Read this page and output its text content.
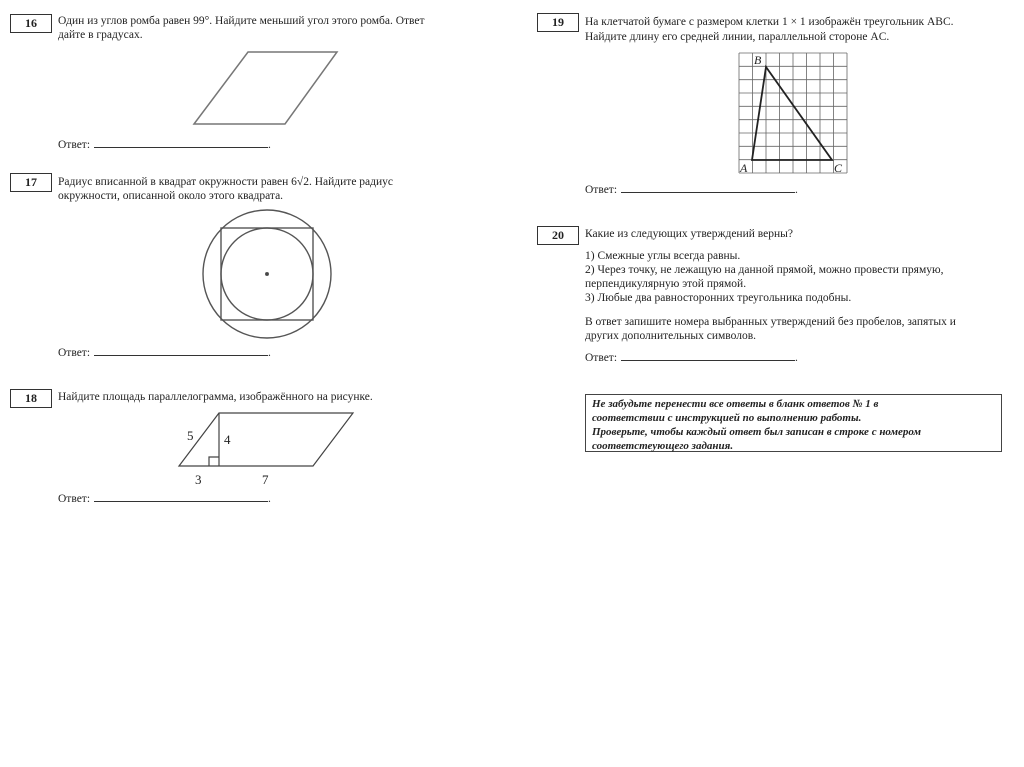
16	Один из углов ромба равен 99°. Найдите меньший угол этого ромба. Ответ
дайте в градусах.
Ответ:	.
17	Радиус вписанной в квадрат окружности равен 6√2. Найдите радиус
окружности, описанной около этого квадрата.
Ответ:	.
18	Найдите площадь параллелограмма, изображённого на рисунке.
Ответ:	.
19	На клетчатой бумаге с размером клетки 1 × 1 изображён треугольник ABC.
Найдите длину его средней линии, параллельной стороне AC.
Ответ:	.
20	Какие из следующих утверждений верны?
1) Смежные углы всегда равны.
2) Через точку, не лежащую на данной прямой, можно провести прямую,
перпендикулярную этой прямой.
3) Любые два равносторонних треугольника подобны.
В ответ запишите номера выбранных утверждений без пробелов, запятых и
других дополнительных символов.
Ответ:	.
Не забудьте перенести все ответы в бланк ответов № 1 в
соответствии с инструкцией по выполнению работы.
Проверьте, чтобы каждый ответ был записан в строке с номером
соответстеующего задания.
5 4
3	7
A
B
C
